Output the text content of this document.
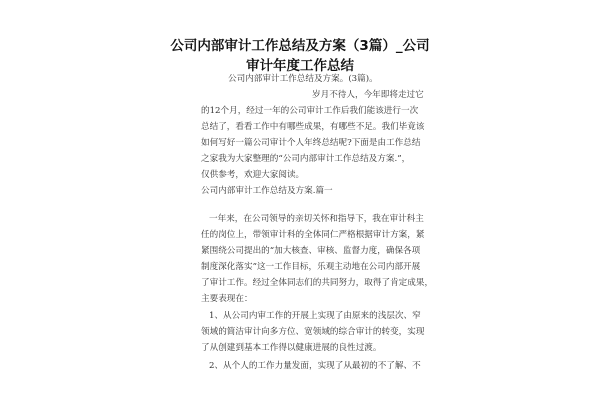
公司内部审计工作总结及方案（3篇）_公司
审计年度工作总结
公司内部审计工作总结及方案。(3篇)。
岁月不待人，今年即将走过它
的12个月，经过一年的公司审计工作后我们能该进行一次
总结了，看看工作中有哪些成果，有哪些不足。我们毕竟该
如何写好一篇公司审计个人年终总结呢?下面是由工作总结
之家我为大家整理的“公司内部审计工作总结及方案.”，
仅供参考，欢迎大家阅读。
公司内部审计工作总结及方案.篇一
一年来，在公司领导的亲切关怀和指导下，我在审计科主
任的岗位上，带领审计科的全体同仁严格根据审计方案，紧
紧围绕公司提出的“加大核查、审核、监督力度，确保各项
制度深化落实”这一工作目标，乐观主动地在公司内部开展
了审计工作。经过全体同志们的共同努力，取得了肯定成果，
主要表现在：
1、从公司内审工作的开展上实现了由原来的浅层次、窄
领域的简洁审计向多方位、宽领域的综合审计的转变，实现
了从创建到基本工作得以健康进展的良性过渡。
2、从个人的工作力量发面，实现了从最初的不了解、不
